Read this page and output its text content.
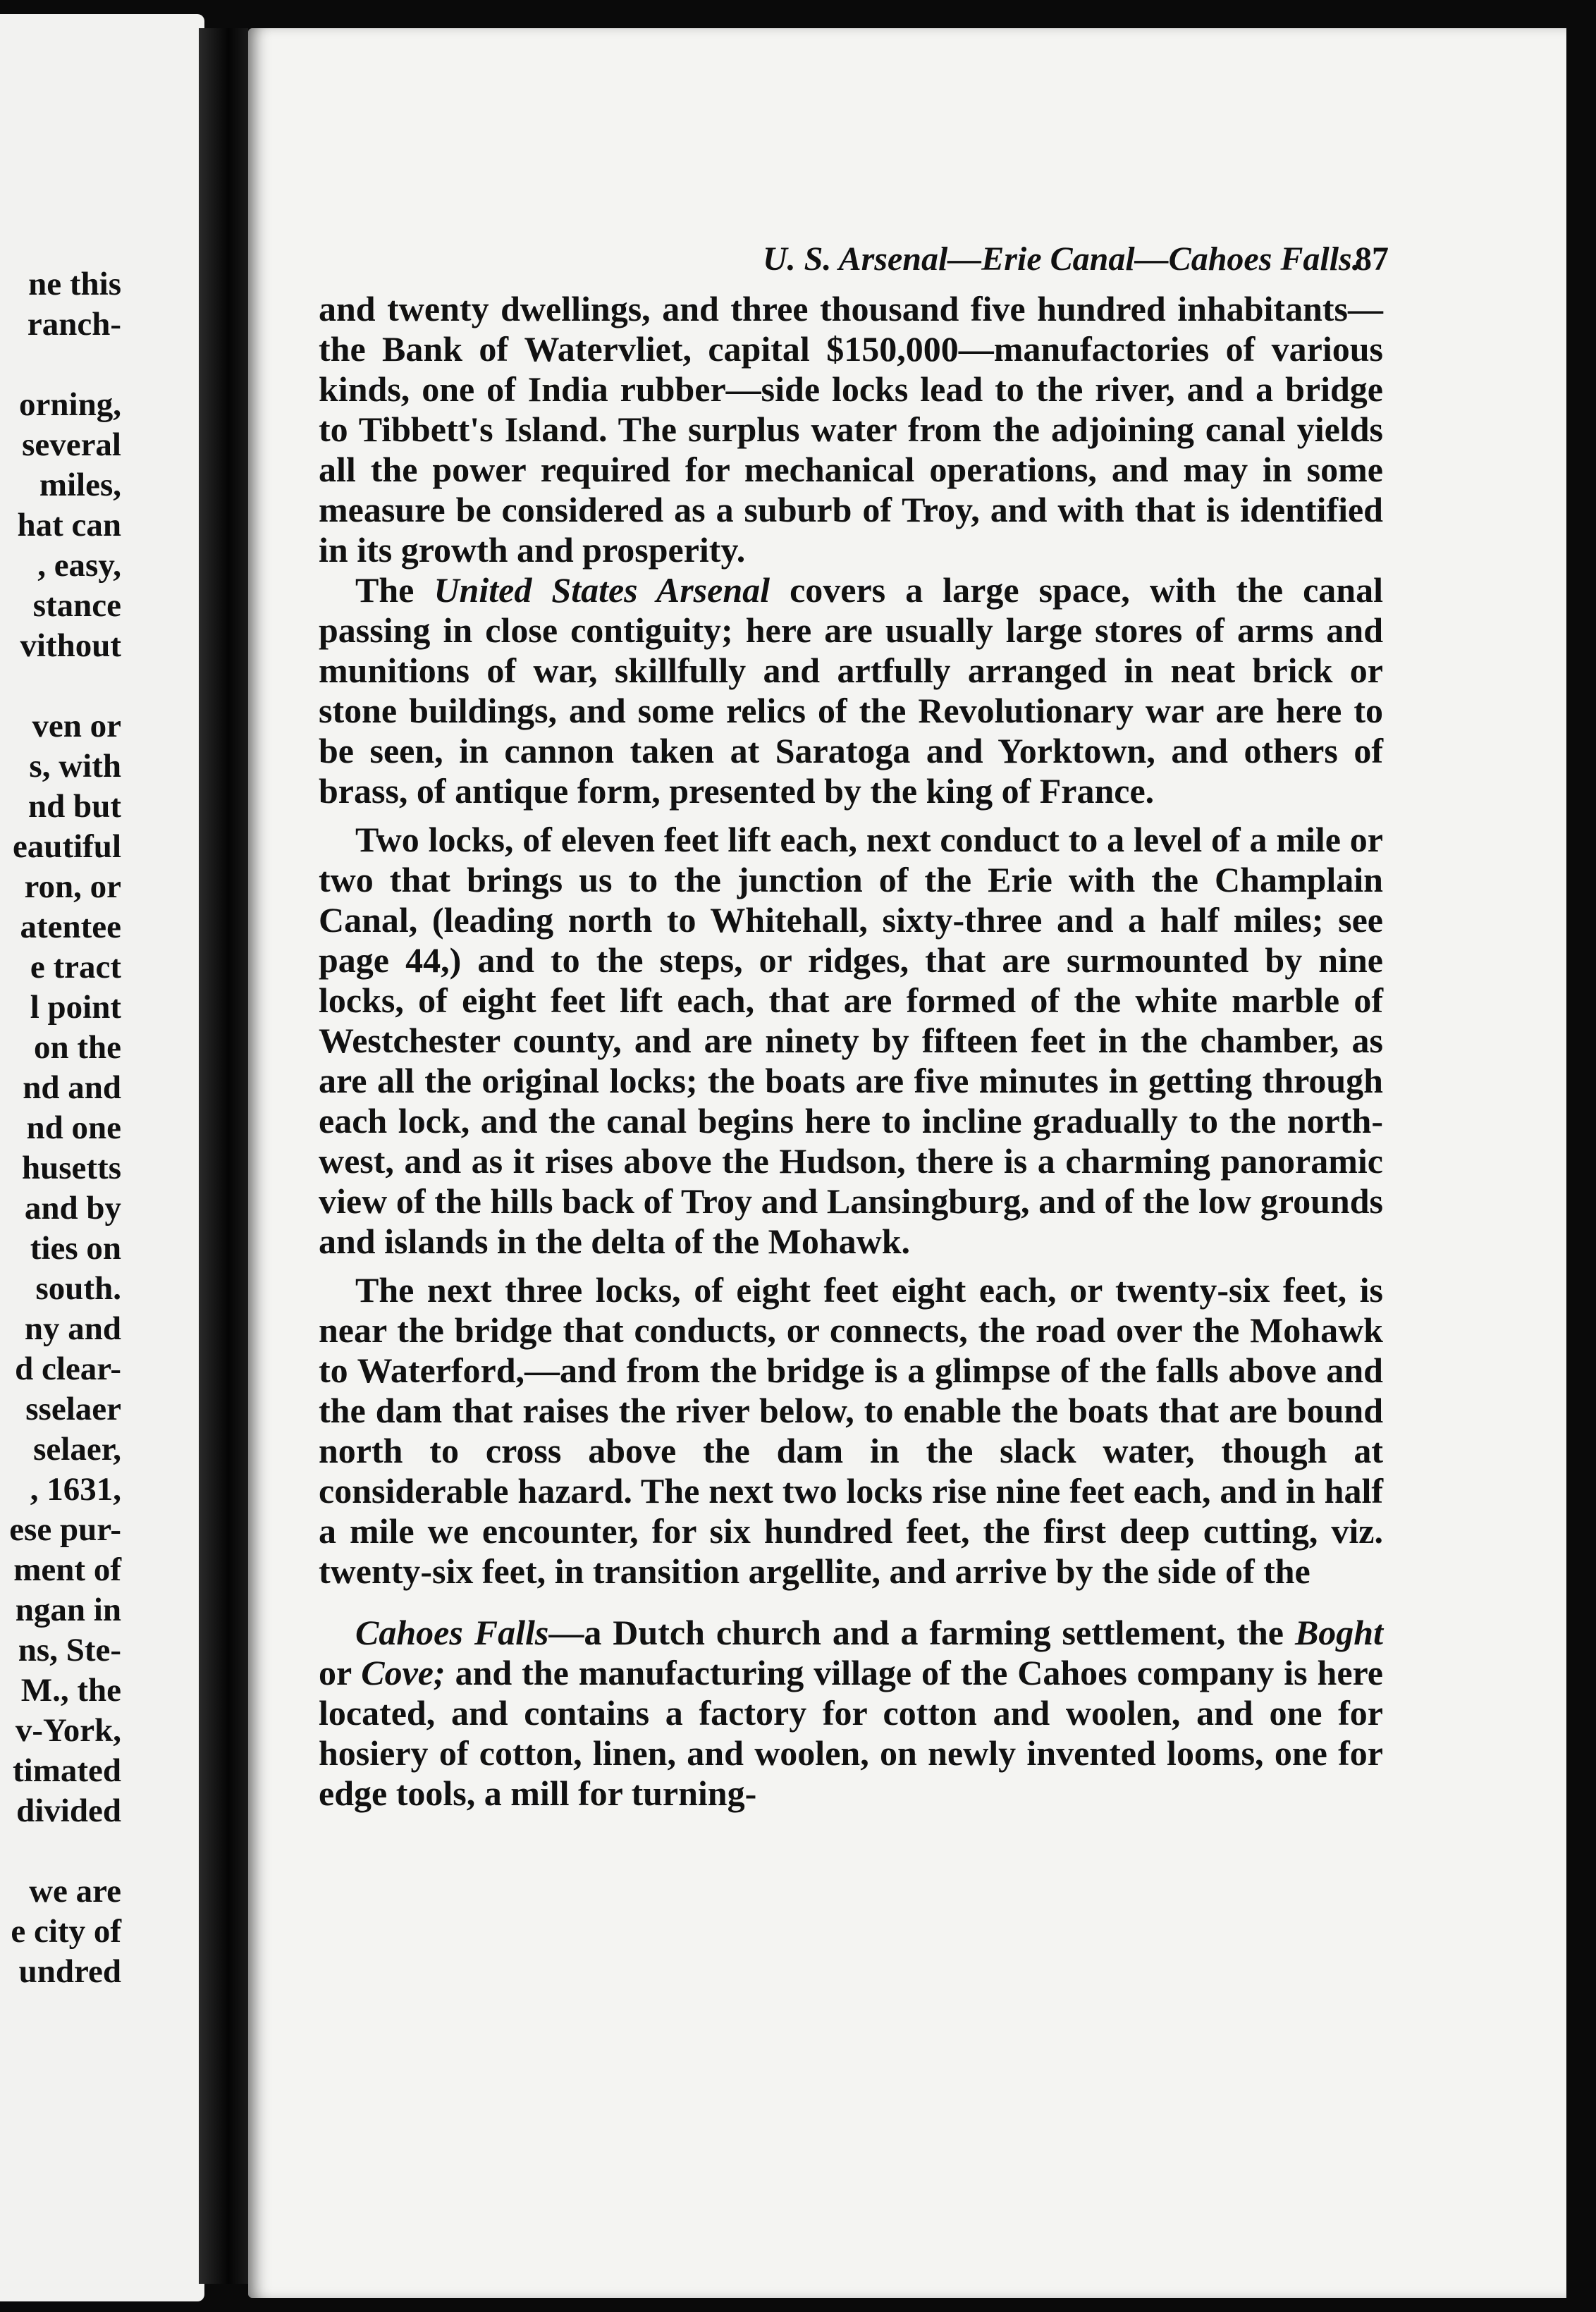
ne this
ranch-
orning,
several
miles,
hat can
, easy,
stance
vithout
ven or
s, with
nd but
eautiful
ron, or
atentee
e tract
l point
on the
nd and
nd one
husetts
and by
ties on
south.
ny and
d clear-
sselaer
selaer,
, 1631,
ese pur-
ment of
ngan in
ns, Ste-
M., the
v-York,
timated
divided
we are
e city of
undred
U. S. Arsenal—Erie Canal—Cahoes Falls.
87

and twenty dwellings, and three thousand five hundred inhabitants—the Bank of Watervliet, capital $150,000—manufactories of various kinds, one of India rubber—side locks lead to the river, and a bridge to Tibbett's Island. The surplus water from the adjoining canal yields all the power required for mechanical operations, and may in some measure be considered as a suburb of Troy, and with that is identified in its growth and prosperity.

The United States Arsenal covers a large space, with the canal passing in close contiguity; here are usually large stores of arms and munitions of war, skillfully and artfully arranged in neat brick or stone buildings, and some relics of the Revolutionary war are here to be seen, in cannon taken at Saratoga and Yorktown, and others of brass, of antique form, presented by the king of France.

Two locks, of eleven feet lift each, next conduct to a level of a mile or two that brings us to the junction of the Erie with the Champlain Canal, (leading north to Whitehall, sixty-three and a half miles; see page 44,) and to the steps, or ridges, that are surmounted by nine locks, of eight feet lift each, that are formed of the white marble of Westchester county, and are ninety by fifteen feet in the chamber, as are all the original locks; the boats are five minutes in getting through each lock, and the canal begins here to incline gradually to the north-west, and as it rises above the Hudson, there is a charming panoramic view of the hills back of Troy and Lansingburg, and of the low grounds and islands in the delta of the Mohawk.

The next three locks, of eight feet eight each, or twenty-six feet, is near the bridge that conducts, or connects, the road over the Mohawk to Waterford,—and from the bridge is a glimpse of the falls above and the dam that raises the river below, to enable the boats that are bound north to cross above the dam in the slack water, though at considerable hazard. The next two locks rise nine feet each, and in half a mile we encounter, for six hundred feet, the first deep cutting, viz. twenty-six feet, in transition argellite, and arrive by the side of the

Cahoes Falls—a Dutch church and a farming settlement, the Boght or Cove; and the manufacturing village of the Cahoes company is here located, and contains a factory for cotton and woolen, and one for hosiery of cotton, linen, and woolen, on newly invented looms, one for edge tools, a mill for turning-
